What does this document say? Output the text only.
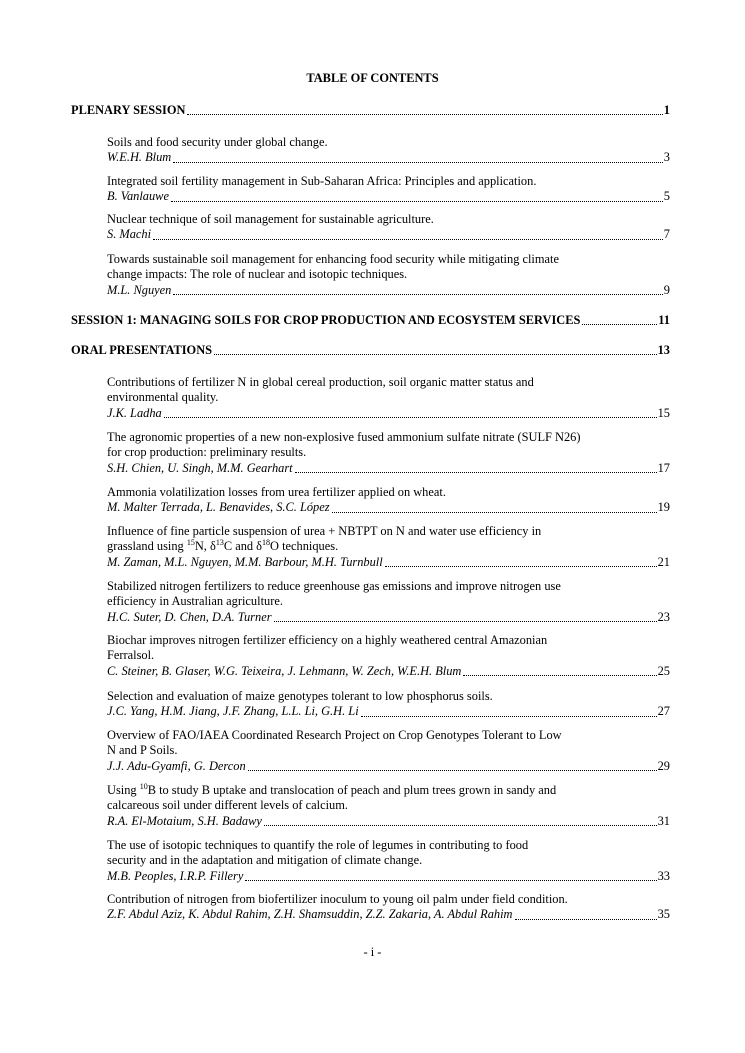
TABLE OF CONTENTS
PLENARY SESSION	1
Soils and food security under global change.
W.E.H. Blum	3
Integrated soil fertility management in Sub-Saharan Africa: Principles and application.
B. Vanlauwe	5
Nuclear technique of soil management for sustainable agriculture.
S. Machi	7
Towards sustainable soil management for enhancing food security while mitigating climate
change impacts: The role of nuclear and isotopic techniques.
M.L. Nguyen	9
SESSION 1: MANAGING SOILS FOR CROP PRODUCTION AND ECOSYSTEM SERVICES	11
ORAL PRESENTATIONS	13
Contributions of fertilizer N in global cereal production, soil organic matter status and
environmental quality.
J.K. Ladha	15
The agronomic properties of a new non-explosive fused ammonium sulfate nitrate (SULF N26)
for crop production: preliminary results.
S.H. Chien, U. Singh, M.M. Gearhart	17
Ammonia volatilization losses from urea fertilizer applied on wheat.
M. Malter Terrada, L. Benavides, S.C. López	19
Influence of fine particle suspension of urea + NBTPT on N and water use efficiency in
grassland using $^{15}$N, $\delta^{13}C$ and $\delta^{18}O$ techniques.
M. Zaman, M.L. Nguyen, M.M. Barbour, M.H. Turnbull	21
Stabilized nitrogen fertilizers to reduce greenhouse gas emissions and improve nitrogen use
efficiency in Australian agriculture.
H.C. Suter, D. Chen, D.A. Turner	23
Biochar improves nitrogen fertilizer efficiency on a highly weathered central Amazonian
Ferralsol.
C. Steiner, B. Glaser, W.G. Teixeira, J. Lehmann, W. Zech, W.E.H. Blum	25
Selection and evaluation of maize genotypes tolerant to low phosphorus soils.
J.C. Yang, H.M. Jiang, J.F. Zhang, L.L. Li, G.H. Li	27
Overview of FAO/IAEA Coordinated Research Project on Crop Genotypes Tolerant to Low
N and P Soils.
J.J. Adu-Gyamfi, G. Dercon	29
Using $^{10}$B to study B uptake and translocation of peach and plum trees grown in sandy and
calcareous soil under different levels of calcium.
R.A. El-Motaium, S.H. Badawy	31
The use of isotopic techniques to quantify the role of legumes in contributing to food
security and in the adaptation and mitigation of climate change.
M.B. Peoples, I.R.P. Fillery	33
Contribution of nitrogen from biofertilizer inoculum to young oil palm under field condition.
Z.F. Abdul Aziz, K. Abdul Rahim, Z.H. Shamsuddin, Z.Z. Zakaria, A. Abdul Rahim	35
- i -
